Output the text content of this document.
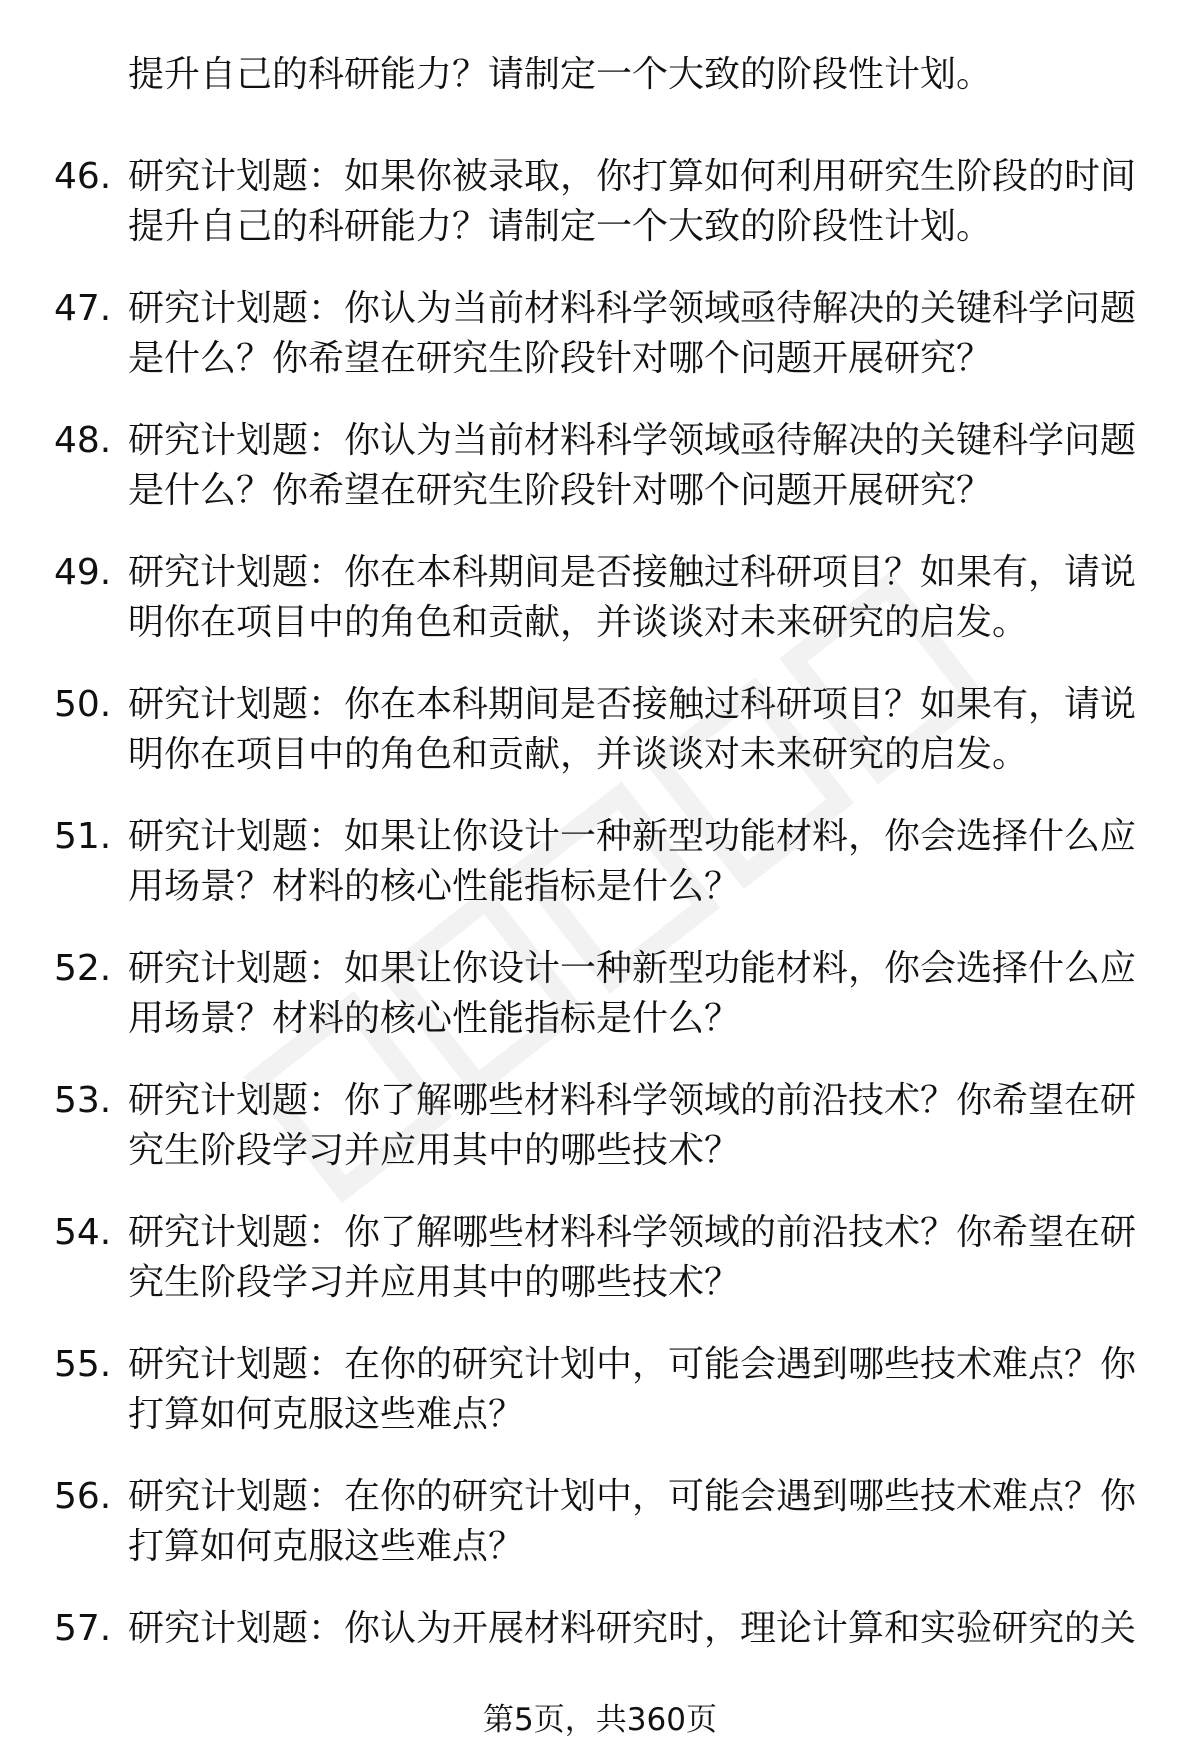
提升自己的科研能力？请制定一个大致的阶段性计划。
46. 研究计划题：如果你被录取，你打算如何利用研究生阶段的时间
提升自己的科研能力？请制定一个大致的阶段性计划。
47. 研究计划题：你认为当前材料科学领域亟待解决的关键科学问题
是什么？你希望在研究生阶段针对哪个问题开展研究？
48. 研究计划题：你认为当前材料科学领域亟待解决的关键科学问题
是什么？你希望在研究生阶段针对哪个问题开展研究？
49. 研究计划题：你在本科期间是否接触过科研项目？如果有，请说
明你在项目中的角色和贡献，并谈谈对未来研究的启发。
50. 研究计划题：你在本科期间是否接触过科研项目？如果有，请说
明你在项目中的角色和贡献，并谈谈对未来研究的启发。
51. 研究计划题：如果让你设计一种新型功能材料，你会选择什么应
用场景？材料的核心性能指标是什么？
52. 研究计划题：如果让你设计一种新型功能材料，你会选择什么应
用场景？材料的核心性能指标是什么？
53. 研究计划题：你了解哪些材料科学领域的前沿技术？你希望在研
究生阶段学习并应用其中的哪些技术？
54. 研究计划题：你了解哪些材料科学领域的前沿技术？你希望在研
究生阶段学习并应用其中的哪些技术？
55. 研究计划题：在你的研究计划中，可能会遇到哪些技术难点？你
打算如何克服这些难点？
56. 研究计划题：在你的研究计划中，可能会遇到哪些技术难点？你
打算如何克服这些难点？
57. 研究计划题：你认为开展材料研究时，理论计算和实验研究的关
第5页，共360页
